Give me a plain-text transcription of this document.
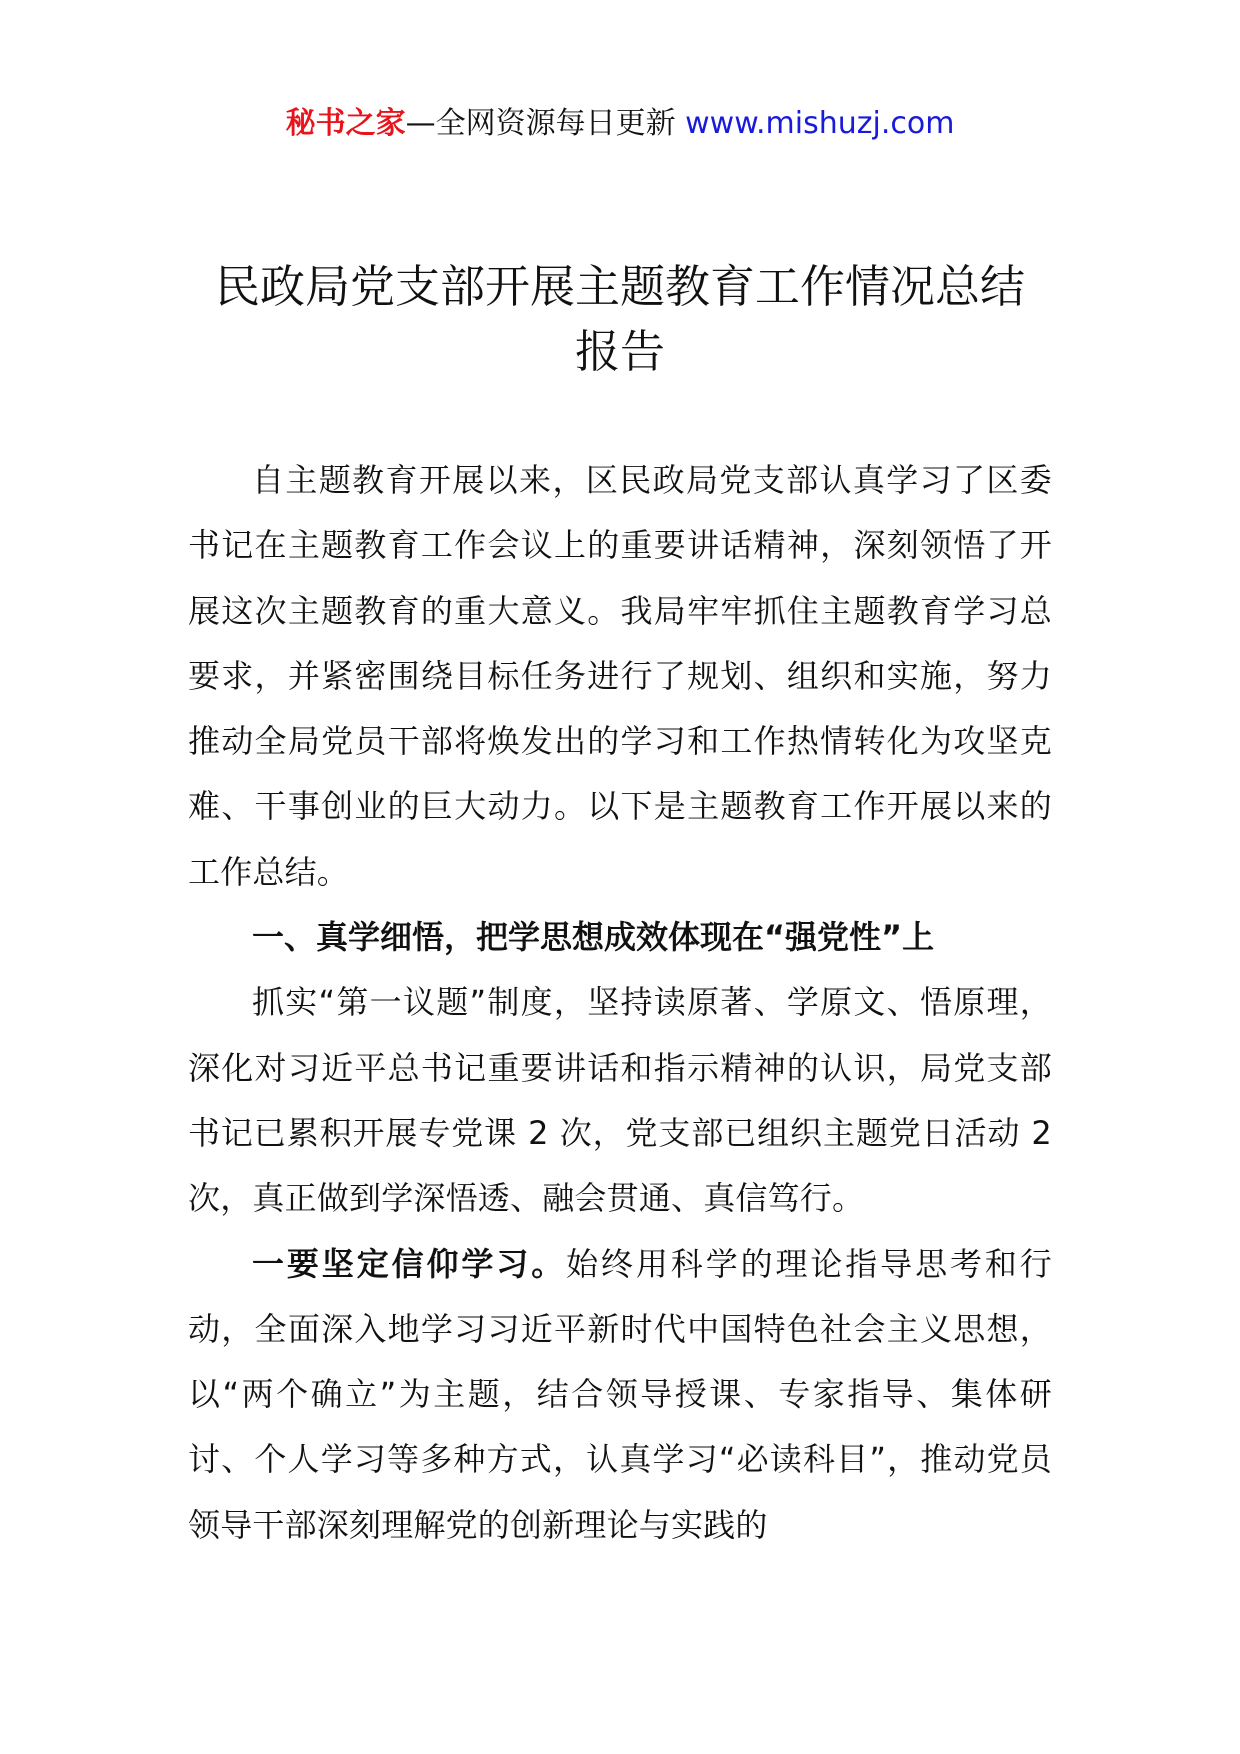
秘书之家—全网资源每日更新 www.mishuzj.com
民政局党支部开展主题教育工作情况总结
报告

自主题教育开展以来，区民政局党支部认真学习了区委书记在主题教育工作会议上的重要讲话精神，深刻领悟了开展这次主题教育的重大意义。我局牢牢抓住主题教育学习总要求，并紧密围绕目标任务进行了规划、组织和实施，努力推动全局党员干部将焕发出的学习和工作热情转化为攻坚克难、干事创业的巨大动力。以下是主题教育工作开展以来的工作总结。

一、真学细悟，把学思想成效体现在“强党性”上

抓实“第一议题”制度，坚持读原著、学原文、悟原理，深化对习近平总书记重要讲话和指示精神的认识，局党支部书记已累积开展专党课 2 次，党支部已组织主题党日活动 2 次，真正做到学深悟透、融会贯通、真信笃行。

一要坚定信仰学习。始终用科学的理论指导思考和行动，全面深入地学习习近平新时代中国特色社会主义思想，以“两个确立”为主题，结合领导授课、专家指导、集体研讨、个人学习等多种方式，认真学习“必读科目”，推动党员领导干部深刻理解党的创新理论与实践的
